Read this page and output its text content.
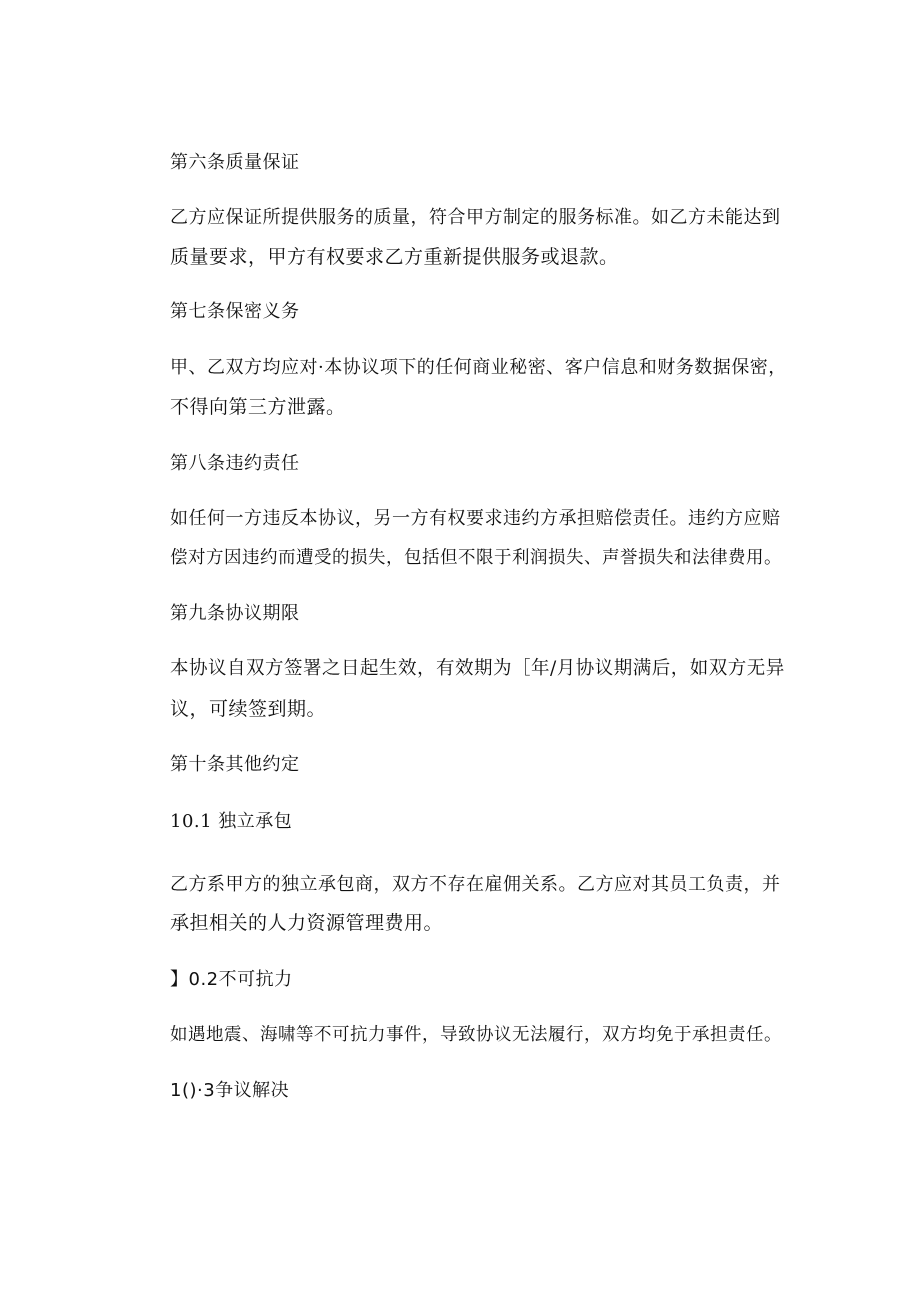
第六条质量保证
乙方应保证所提供服务的质量，符合甲方制定的服务标准。如乙方未能达到
质量要求，甲方有权要求乙方重新提供服务或退款。
第七条保密义务
甲、乙双方均应对·本协议项下的任何商业秘密、客户信息和财务数据保密，
不得向第三方泄露。
第八条违约责任
如任何一方违反本协议，另一方有权要求违约方承担赔偿责任。违约方应赔
偿对方因违约而遭受的损失，包括但不限于利润损失、声誉损失和法律费用。
第九条协议期限
本协议自双方签署之日起生效，有效期为［年/月协议期满后，如双方无异
议，可续签到期。
第十条其他约定
10.1 独立承包
乙方系甲方的独立承包商，双方不存在雇佣关系。乙方应对其员工负责，并
承担相关的人力资源管理费用。
】0.2不可抗力
如遇地震、海啸等不可抗力事件，导致协议无法履行，双方均免于承担责任。
1()·3争议解决
